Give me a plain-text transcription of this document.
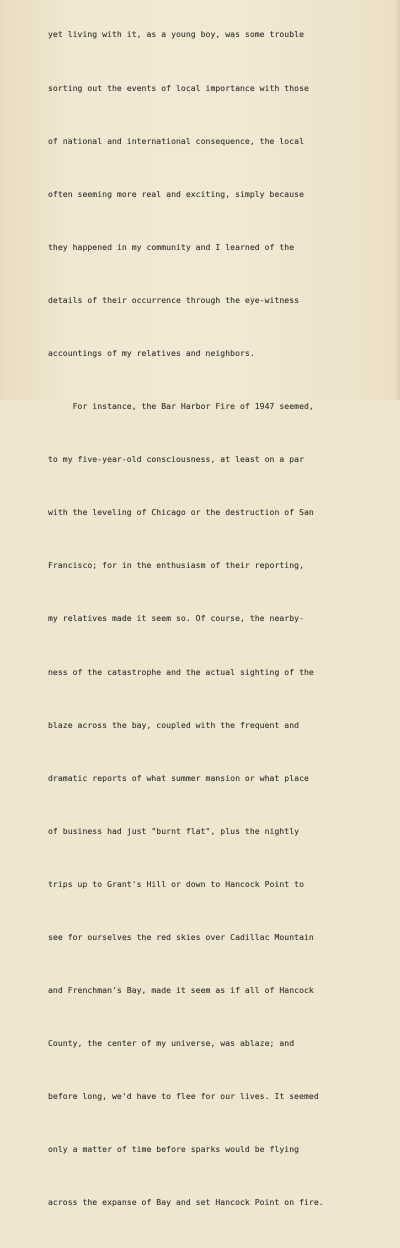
yet living with it, as a young boy, was some trouble

sorting out the events of local importance with those

of national and international consequence, the local

often seeming more real and exciting, simply because

they happened in my community and I learned of the

details of their occurrence through the eye-witness

accountings of my relatives and neighbors.

For instance, the Bar Harbor Fire of 1947 seemed,

to my five-year-old consciousness, at least on a par

with the leveling of Chicago or the destruction of San

Francisco; for in the enthusiasm of their reporting,

my relatives made it seem so. Of course, the nearby-

ness of the catastrophe and the actual sighting of the

blaze across the bay, coupled with the frequent and

dramatic reports of what summer mansion or what place

of business had just "burnt flat", plus the nightly

trips up to Grant's Hill or down to Hancock Point to

see for ourselves the red skies over Cadillac Mountain

and Frenchman's Bay, made it seem as if all of Hancock

County, the center of my universe, was ablaze; and

before long, we'd have to flee for our lives. It seemed

only a matter of time before sparks would be flying

across the expanse of Bay and set Hancock Point on fire.
